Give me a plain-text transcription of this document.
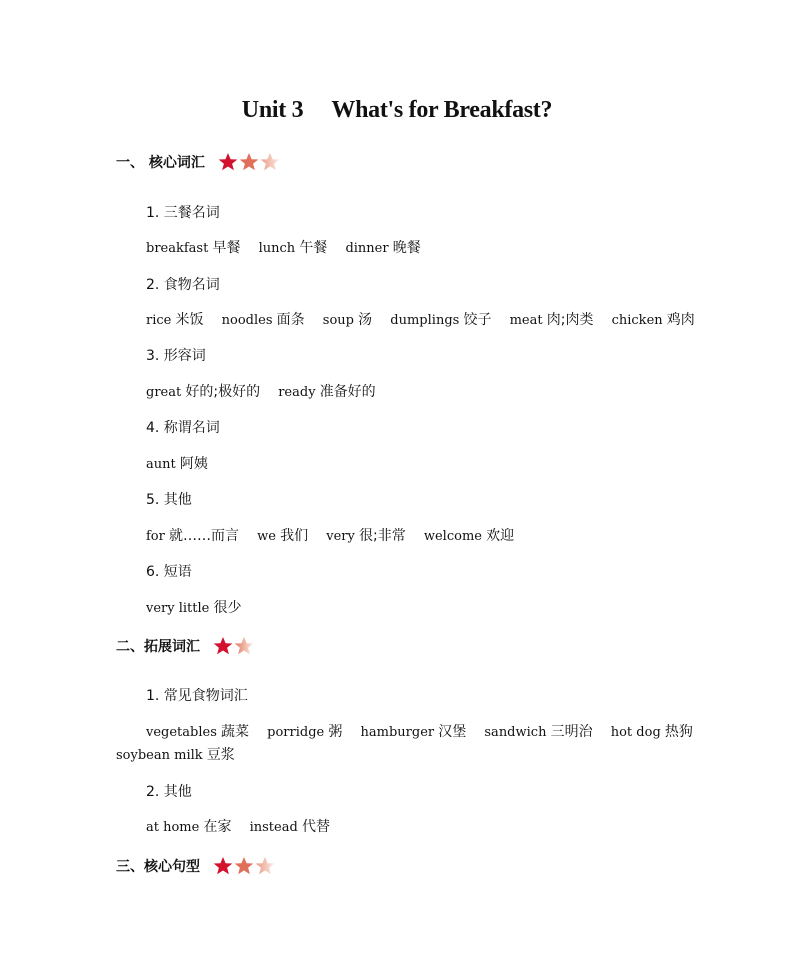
Unit 3     What's for Breakfast?
一、 核心词汇
1. 三餐名词
breakfast 早餐 lunch 午餐 dinner 晚餐
2. 食物名词
rice 米饭 noodles 面条 soup 汤 dumplings 饺子 meat 肉;肉类 chicken 鸡肉
3. 形容词
great 好的;极好的 ready 准备好的
4. 称谓名词
aunt 阿姨
5. 其他
for 就……而言 we 我们 very 很;非常 welcome 欢迎
6. 短语
very little 很少
二、拓展词汇
1. 常见食物词汇
vegetables 蔬菜 porridge 粥 hamburger 汉堡 sandwich 三明治 hot dog 热狗
soybean milk 豆浆
2. 其他
at home 在家 instead 代替
三、核心句型
